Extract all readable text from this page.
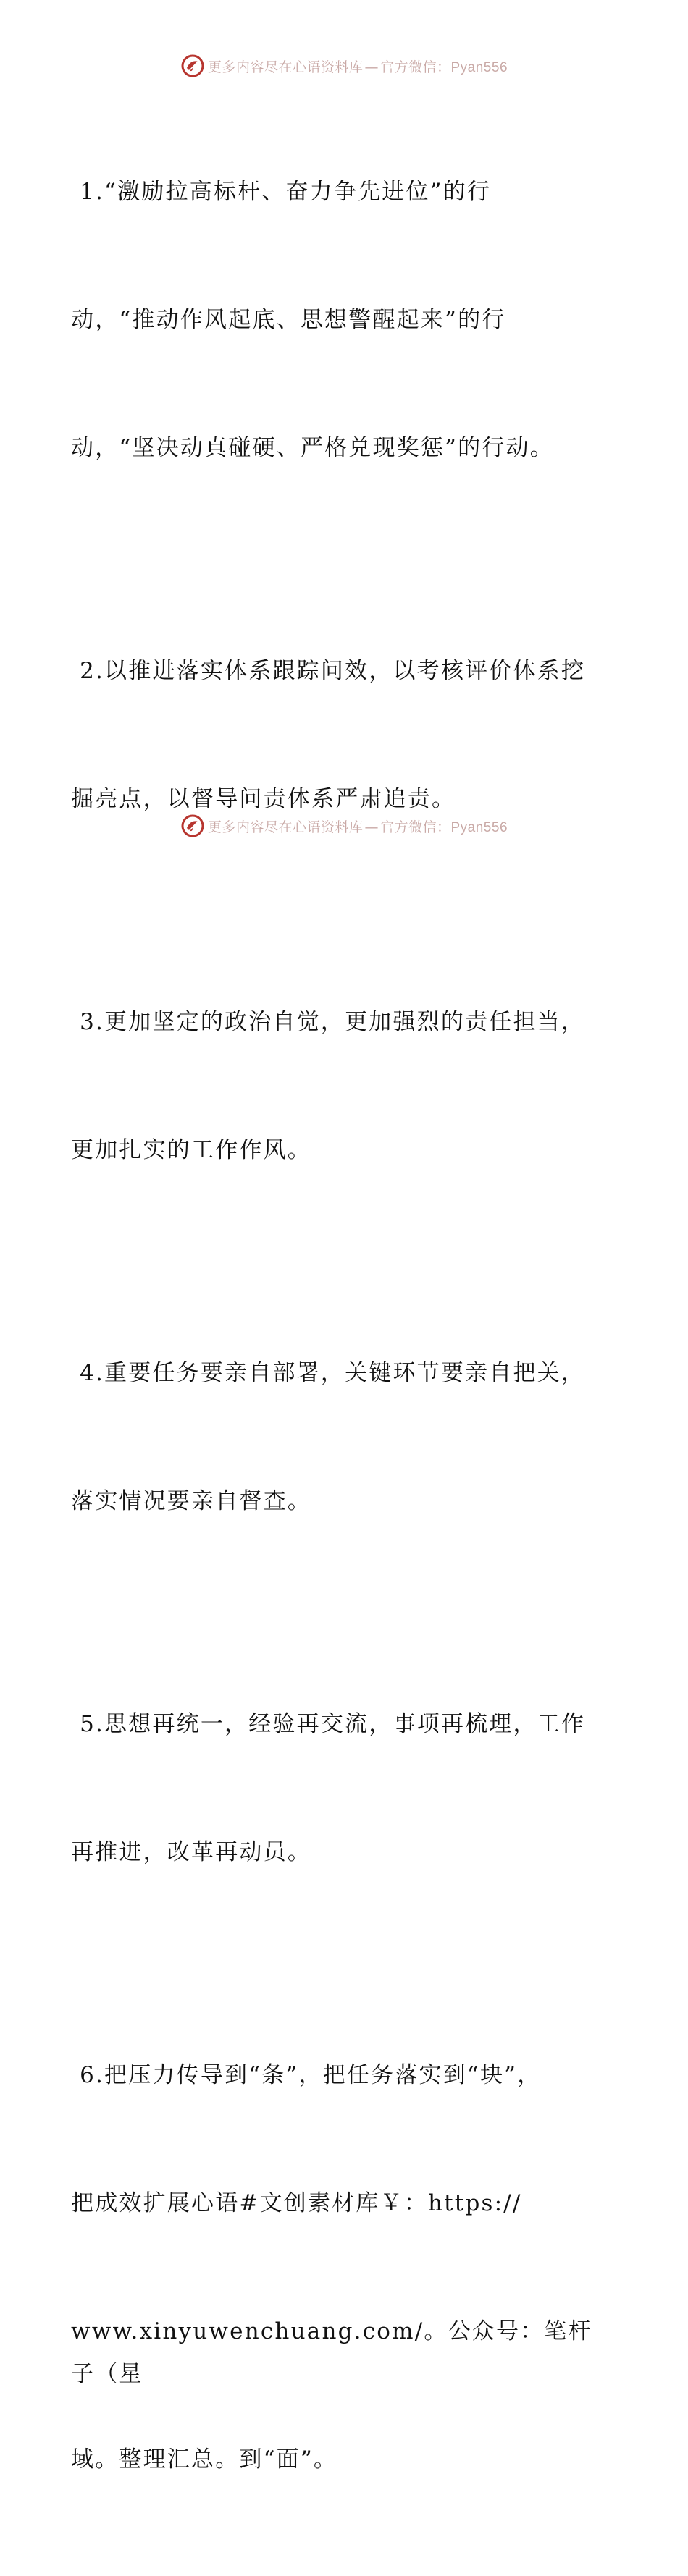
更多内容尽在心语资料库 — 官方微信：Pyan556

1.“激励拉高标杆、奋力争先进位”的行

动，“推动作风起底、思想警醒起来”的行

动，“坚决动真碰硬、严格兑现奖惩”的行动。

2.以推进落实体系跟踪问效，以考核评价体系挖

掘亮点，以督导问责体系严肃追责。

3.更加坚定的政治自觉，更加强烈的责任担当，

更加扎实的工作作风。

4.重要任务要亲自部署，关键环节要亲自把关，

落实情况要亲自督查。

5.思想再统一，经验再交流，事项再梳理，工作

再推进，改革再动员。

6.把压力传导到“条”，把任务落实到“块”，

把成效扩展心语#文创素材库￥：https://

www.xinyuwenchuang.com/。公众号：笔杆子（星

域。整理汇总。到“面”。

更多内容尽在心语资料库 — 官方微信：Pyan556
